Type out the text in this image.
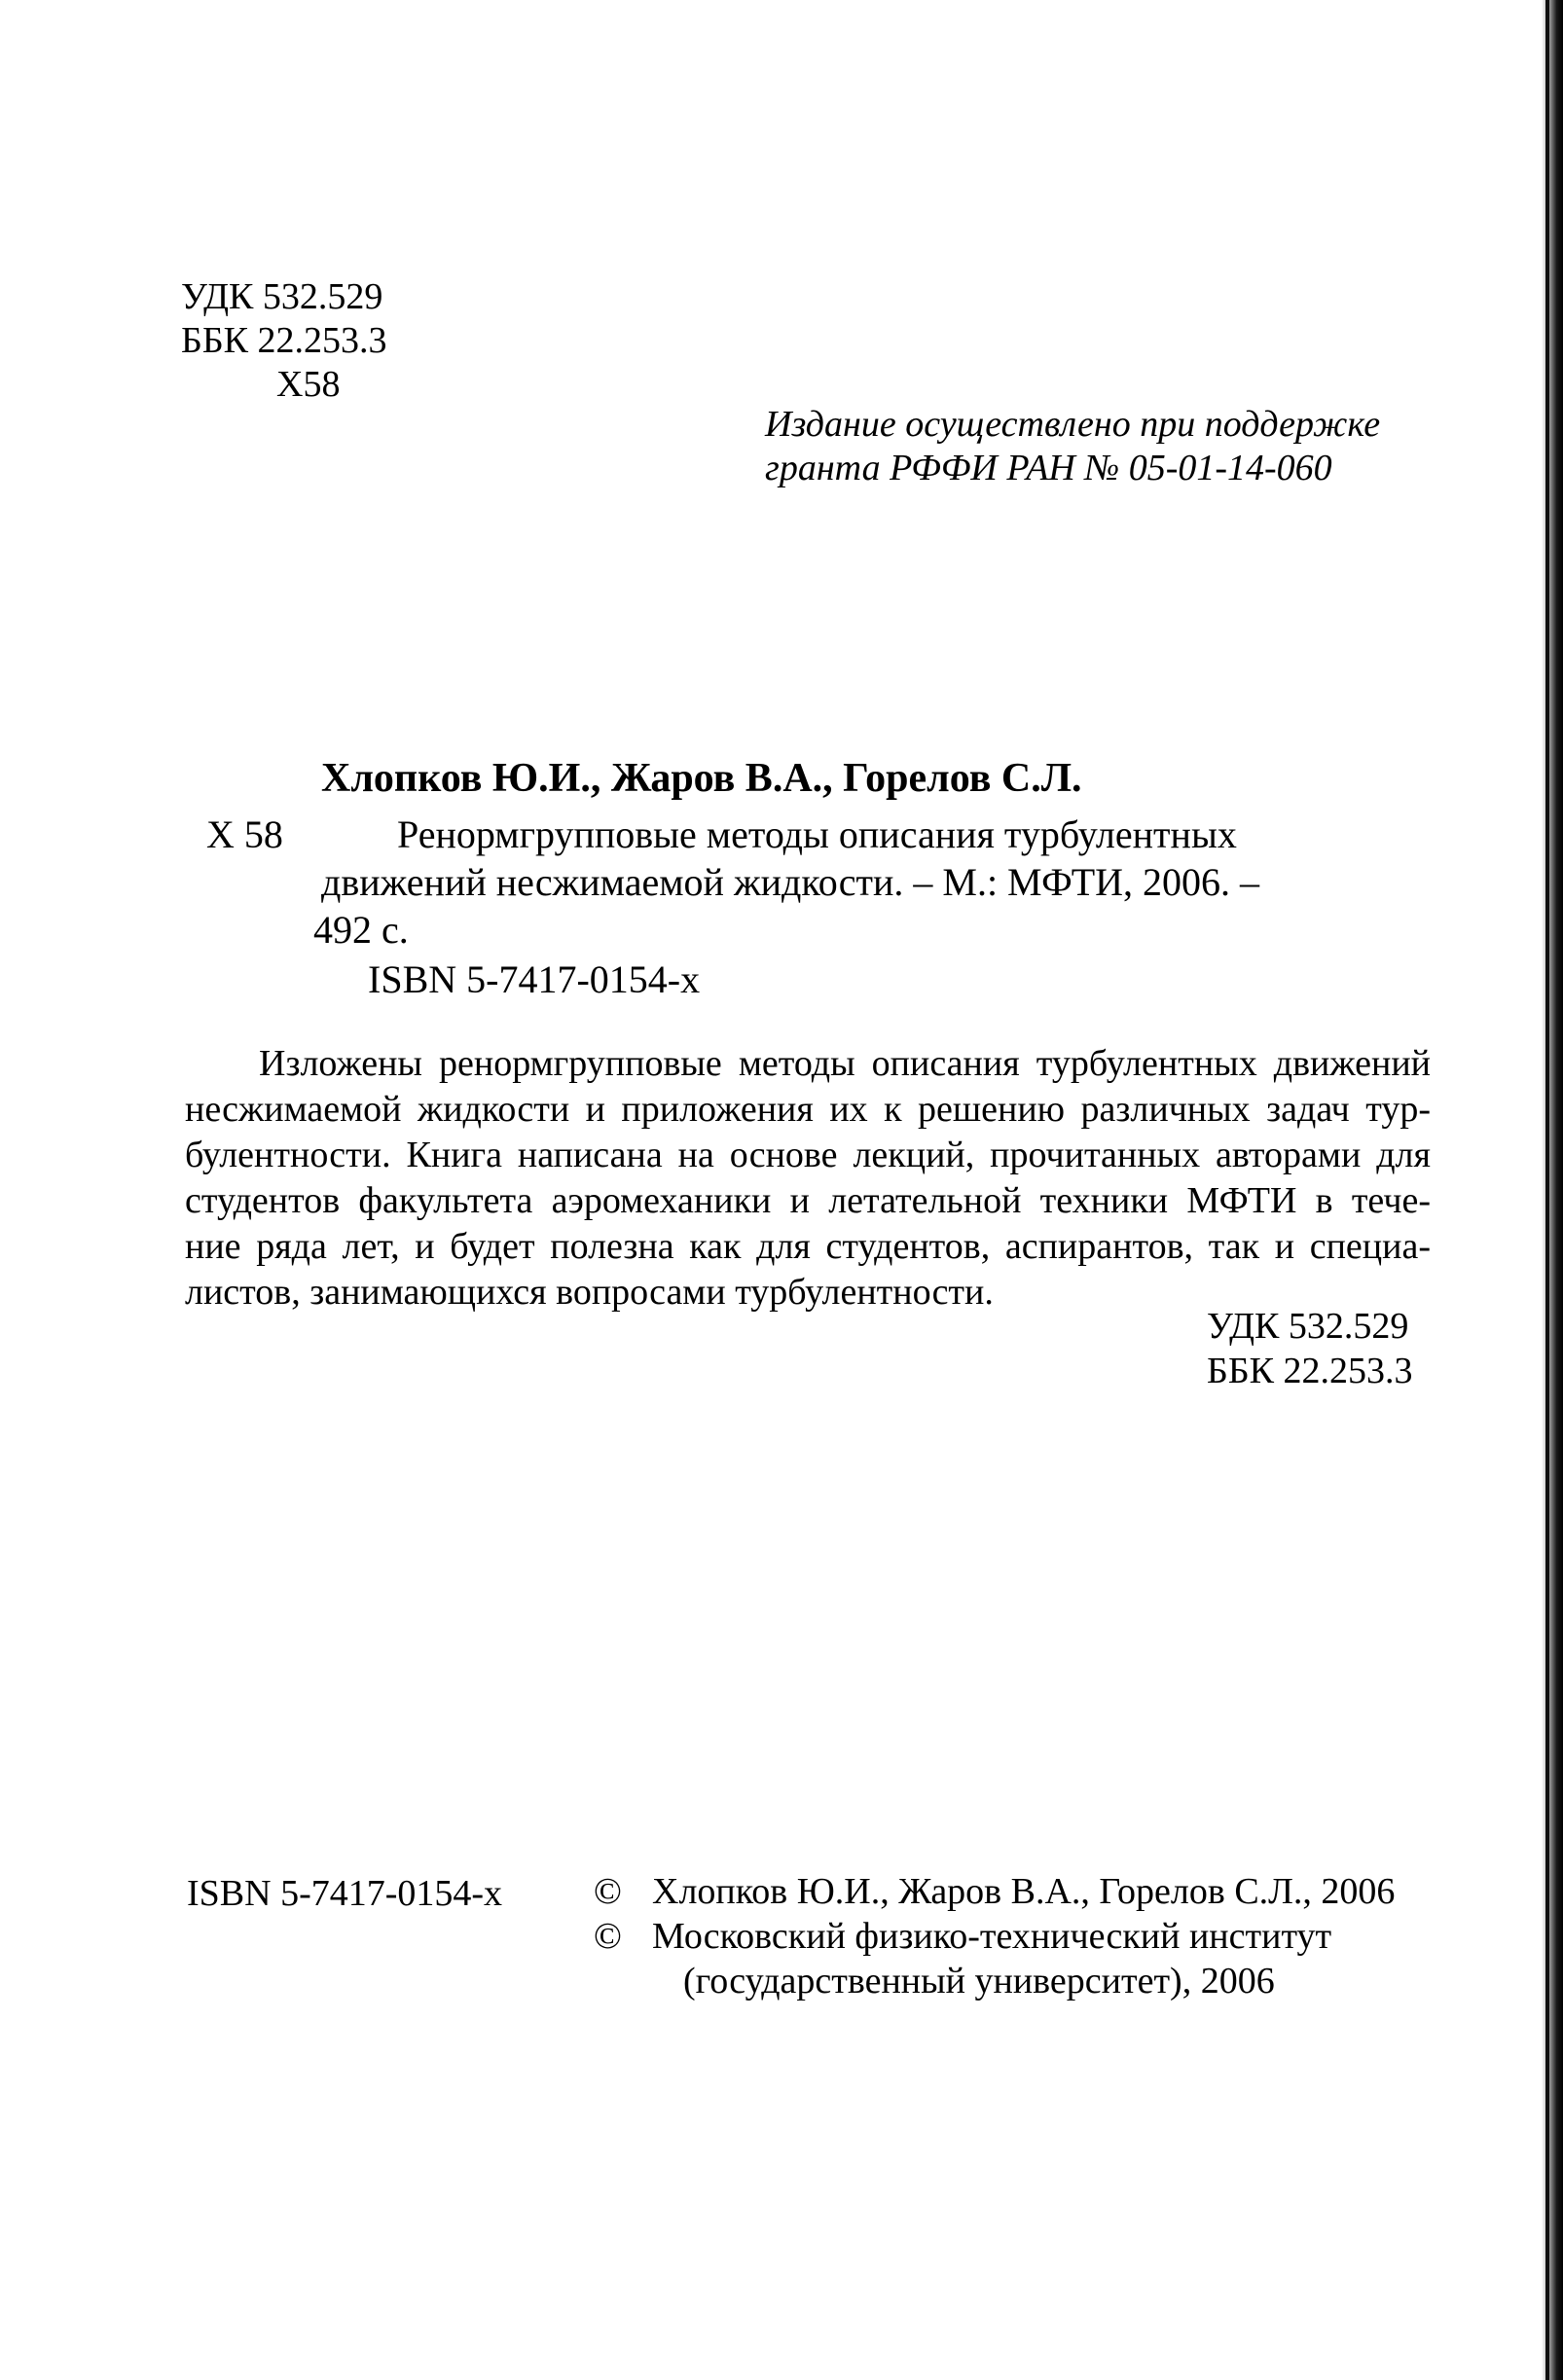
УДК 532.529
ББК 22.253.3
Х58
Издание осуществлено при поддержке
гранта РФФИ РАН № 05-01-14-060
Хлопков Ю.И., Жаров В.А., Горелов С.Л.
Х 58	Ренормгрупповые методы описания турбулентных
движений несжимаемой жидкости. – М.: МФТИ, 2006. –
492 с.
ISBN 5-7417-0154-х
Изложены ренормгрупповые методы описания турбулентных движений
несжимаемой жидкости и приложения их к решению различных задач тур-
булентности. Книга написана на основе лекций, прочитанных авторами для
студентов факультета аэромеханики и летательной техники МФТИ в тече-
ние ряда лет, и будет полезна как для студентов, аспирантов, так и специа-
листов, занимающихся вопросами турбулентности.
УДК 532.529
ББК 22.253.3
ISBN 5-7417-0154-х © Хлопков Ю.И., Жаров В.А., Горелов С.Л., 2006
© Московский физико-технический институт
(государственный университет), 2006
